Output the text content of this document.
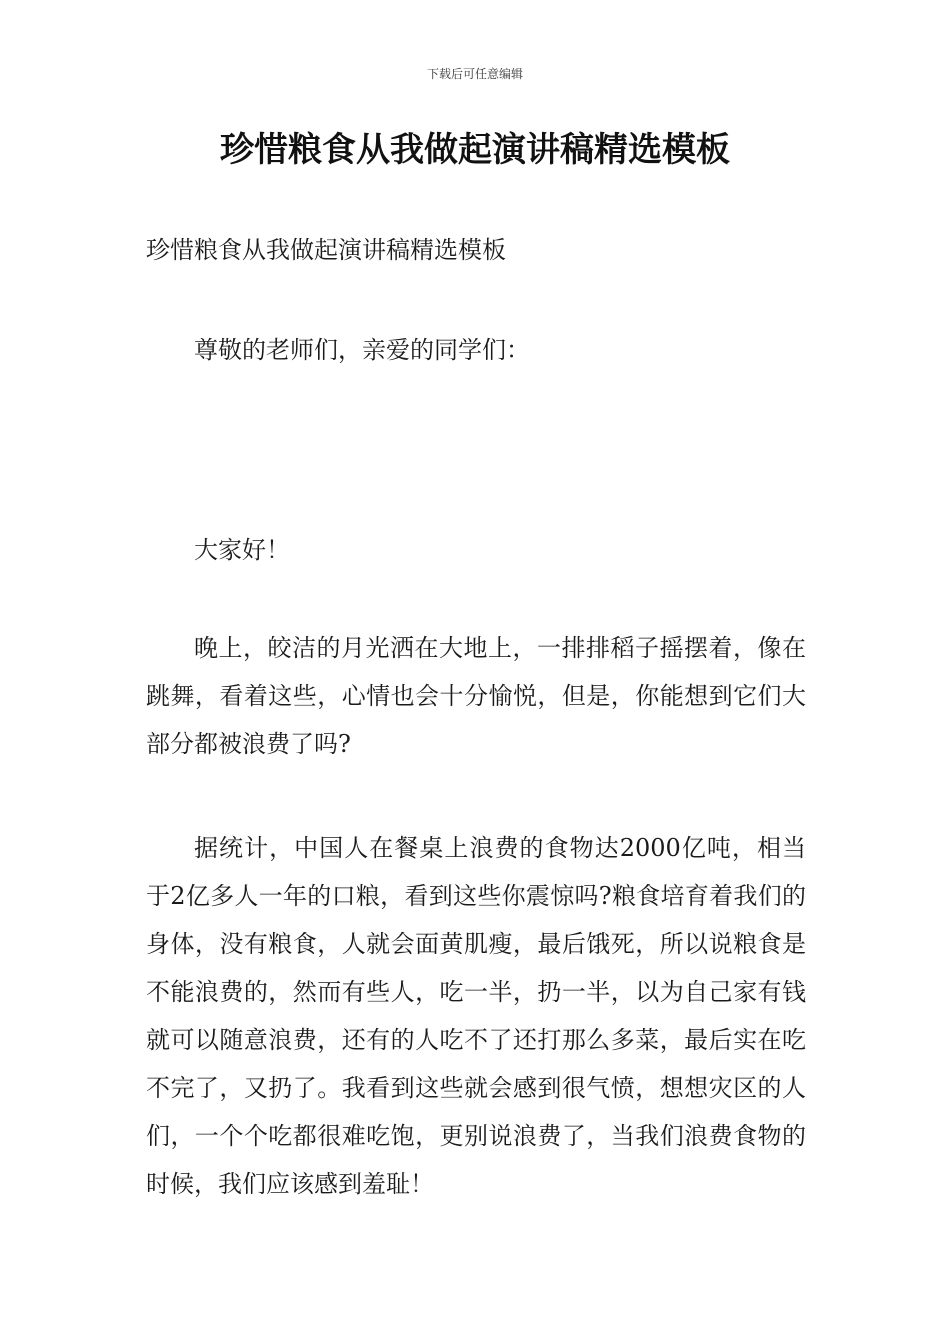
下载后可任意编辑
珍惜粮食从我做起演讲稿精选模板

珍惜粮食从我做起演讲稿精选模板

尊敬的老师们，亲爱的同学们：

大家好！

晚上，皎洁的月光洒在大地上，一排排稻子摇摆着，像在跳舞，看着这些，心情也会十分愉悦，但是，你能想到它们大部分都被浪费了吗?

据统计，中国人在餐桌上浪费的食物达2000亿吨，相当于2亿多人一年的口粮，看到这些你震惊吗?粮食培育着我们的身体，没有粮食，人就会面黄肌瘦，最后饿死，所以说粮食是不能浪费的，然而有些人，吃一半，扔一半，以为自己家有钱就可以随意浪费，还有的人吃不了还打那么多菜，最后实在吃不完了，又扔了。我看到这些就会感到很气愤，想想灾区的人们，一个个吃都很难吃饱，更别说浪费了，当我们浪费食物的时候，我们应该感到羞耻！
